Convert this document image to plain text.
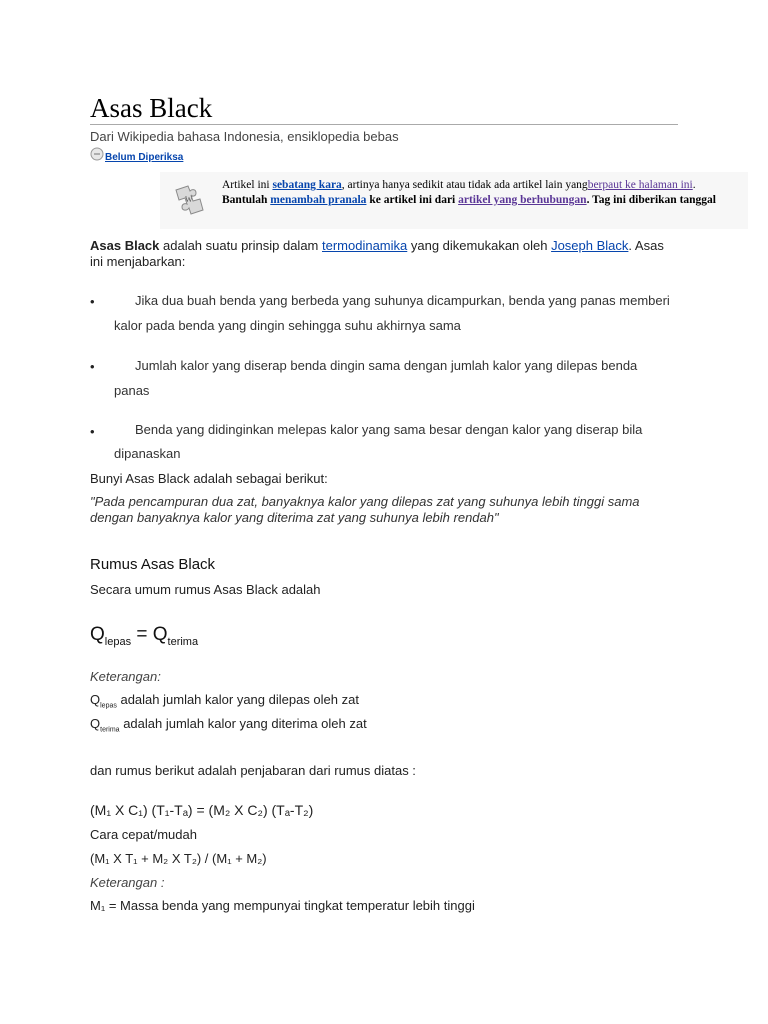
Asas Black
Dari Wikipedia bahasa Indonesia, ensiklopedia bebas
Belum Diperiksa
W
Artikel ini sebatang kara, artinya hanya sedikit atau tidak ada artikel lain yangberpaut ke halaman ini. Bantulah menambah pranala ke artikel ini dari artikel yang berhubungan. Tag ini diberikan tanggal

Asas Black adalah suatu prinsip dalam termodinamika yang dikemukakan oleh Joseph Black. Asas ini menjabarkan:

•	Jika dua buah benda yang berbeda yang suhunya dicampurkan, benda yang panas memberi kalor pada benda yang dingin sehingga suhu akhirnya sama
•	Jumlah kalor yang diserap benda dingin sama dengan jumlah kalor yang dilepas benda panas
•	Benda yang didinginkan melepas kalor yang sama besar dengan kalor yang diserap bila dipanaskan

Bunyi Asas Black adalah sebagai berikut:

"Pada pencampuran dua zat, banyaknya kalor yang dilepas zat yang suhunya lebih tinggi sama dengan banyaknya kalor yang diterima zat yang suhunya lebih rendah"

Rumus Asas Black

Secara umum rumus Asas Black adalah

$Q_{lepas} = Q_{terima}$

Keterangan:

$Q_{lepas}$ adalah jumlah kalor yang dilepas oleh zat

$Q_{terima}$ adalah jumlah kalor yang diterima oleh zat

dan rumus berikut adalah penjabaran dari rumus diatas :

(M₁ X C₁) (T₁-Tₐ) = (M₂ X C₂) (Tₐ-T₂)

Cara cepat/mudah

(M₁ X T₁ + M₂ X T₂) / (M₁ + M₂)

Keterangan :

M₁ = Massa benda yang mempunyai tingkat temperatur lebih tinggi
